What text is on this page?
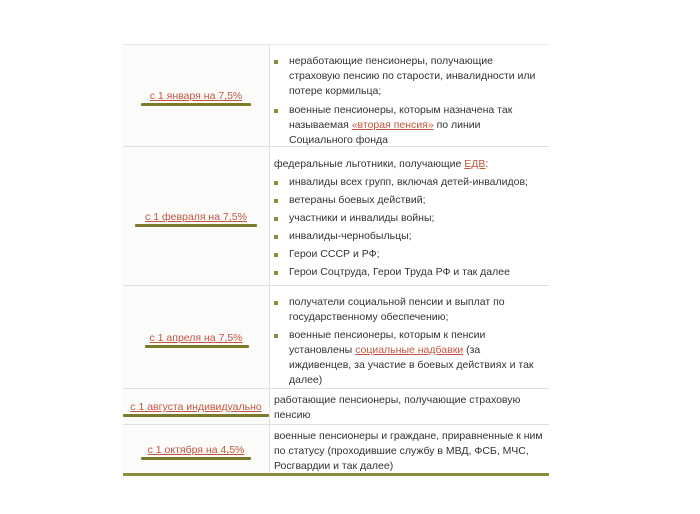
с 1 января на 7,5%
неработающие пенсионеры, получающие страховую пенсию по старости, инвалидности или потере кормильца;
военные пенсионеры, которым назначена так называемая «вторая пенсия» по линии Социального фонда
с 1 февраля на 7,5%

федеральные льготники, получающие ЕДВ:

инвалиды всех групп, включая детей-инвалидов;
ветераны боевых действий;
участники и инвалиды войны;
инвалиды-чернобыльцы;
Герои СССР и РФ;
Герои Соцтруда, Герои Труда РФ и так далее
с 1 апреля на 7,5%
получатели социальной пенсии и выплат по государственному обеспечению;
военные пенсионеры, которым к пенсии установлены социальные надбавки (за иждивенцев, за участие в боевых действиях и так далее)
с 1 августа индивидуально

работающие пенсионеры, получающие страховую пенсию

с 1 октября на 4,5%

военные пенсионеры и граждане, приравненные к ним по статусу (проходившие службу в МВД, ФСБ, МЧС, Росгвардии и так далее)
